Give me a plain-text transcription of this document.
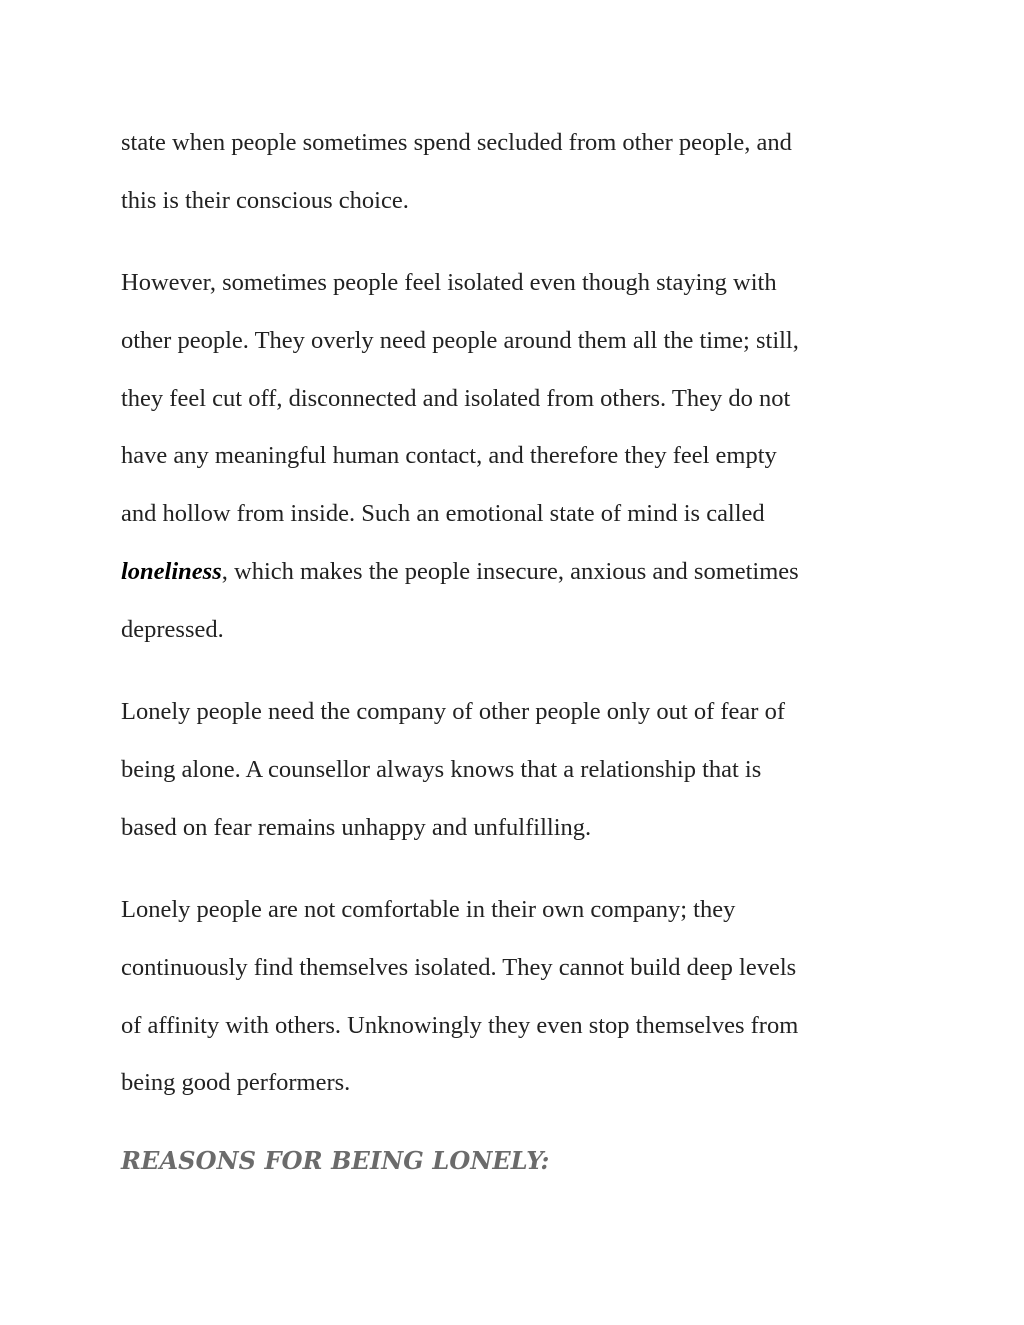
state when people sometimes spend secluded from other people, and
this is their conscious choice.

However, sometimes people feel isolated even though staying with
other people. They overly need people around them all the time; still,
they feel cut off, disconnected and isolated from others. They do not
have any meaningful human contact, and therefore they feel empty
and hollow from inside. Such an emotional state of mind is called
loneliness, which makes the people insecure, anxious and sometimes
depressed.

Lonely people need the company of other people only out of fear of
being alone. A counsellor always knows that a relationship that is
based on fear remains unhappy and unfulfilling.

Lonely people are not comfortable in their own company; they
continuously find themselves isolated. They cannot build deep levels
of affinity with others. Unknowingly they even stop themselves from
being good performers.

REASONS FOR BEING LONELY:
